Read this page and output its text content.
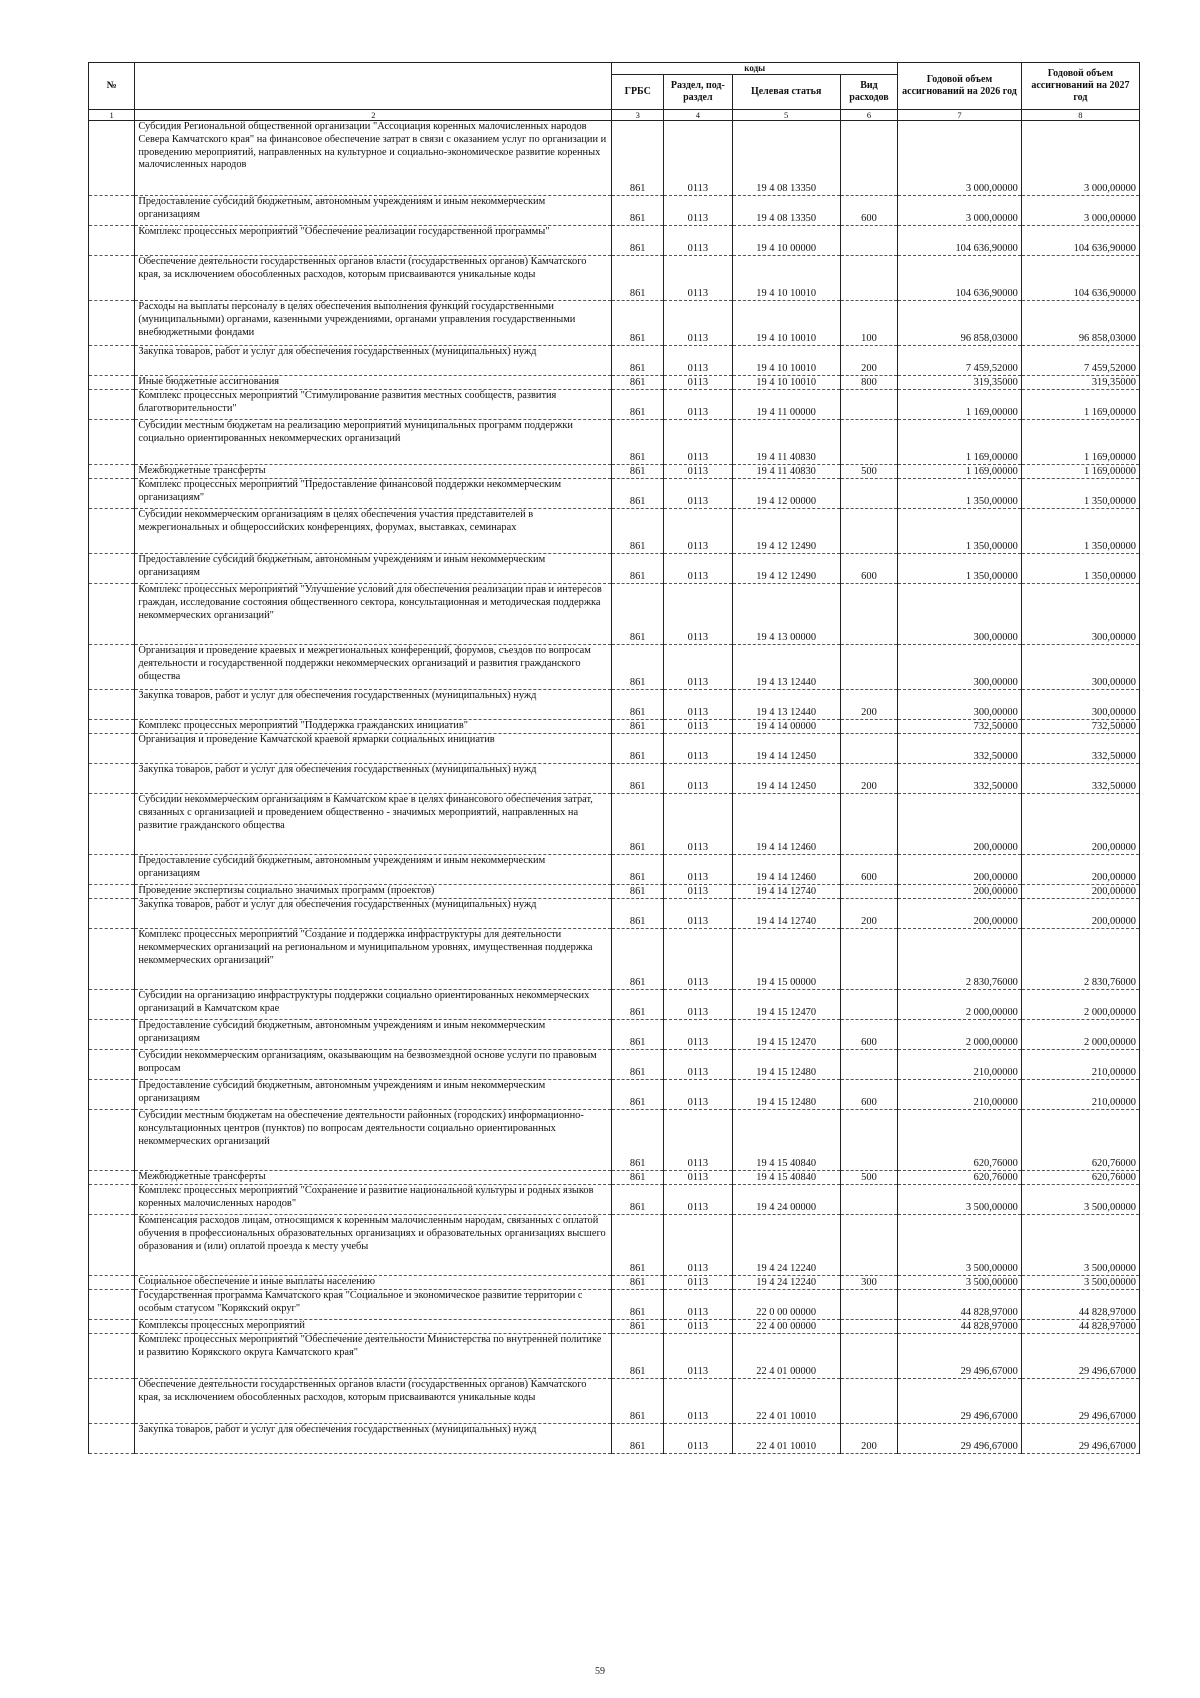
№		коды				Годовой объем ассигнований на 2026 год	Годовой объем ассигнований на 2027 год
		ГРБС	Раздел, под-раздел	Целевая статья	Вид расходов		
1	2	3	4	5	6	7	8
	Субсидия Региональной общественной организации "Ассоциация коренных малочисленных народов Севера Камчатского края" на финансовое обеспечение затрат в связи с оказанием услуг по организации и проведению мероприятий, направленных на культурное и социально-экономическое развитие коренных малочисленных народов	861	0113	19 4 08 13350		3 000,00000	3 000,00000
	Предоставление субсидий бюджетным, автономным учреждениям и иным некоммерческим организациям	861	0113	19 4 08 13350	600	3 000,00000	3 000,00000
	Комплекс процессных мероприятий "Обеспечение реализации государственной программы"	861	0113	19 4 10 00000		104 636,90000	104 636,90000
	Обеспечение деятельности государственных органов власти (государственных органов) Камчатского края, за исключением обособленных расходов, которым присваиваются уникальные коды	861	0113	19 4 10 10010		104 636,90000	104 636,90000
	Расходы на выплаты персоналу в целях обеспечения выполнения функций государственными (муниципальными) органами, казенными учреждениями, органами управления государственными внебюджетными фондами	861	0113	19 4 10 10010	100	96 858,03000	96 858,03000
	Закупка товаров, работ и услуг для обеспечения государственных (муниципальных) нужд	861	0113	19 4 10 10010	200	7 459,52000	7 459,52000
	Иные бюджетные ассигнования	861	0113	19 4 10 10010	800	319,35000	319,35000
	Комплекс процессных мероприятий "Стимулирование развития местных сообществ, развития благотворительности"	861	0113	19 4 11 00000		1 169,00000	1 169,00000
	Субсидии местным бюджетам на реализацию мероприятий муниципальных программ поддержки социально ориентированных некоммерческих организаций	861	0113	19 4 11 40830		1 169,00000	1 169,00000
	Межбюджетные трансферты	861	0113	19 4 11 40830	500	1 169,00000	1 169,00000
	Комплекс процессных мероприятий "Предоставление финансовой поддержки некоммерческим организациям"	861	0113	19 4 12 00000		1 350,00000	1 350,00000
	Субсидии некоммерческим организациям в целях обеспечения участия представителей в межрегиональных и общероссийских конференциях, форумах, выставках, семинарах	861	0113	19 4 12 12490		1 350,00000	1 350,00000
	Предоставление субсидий бюджетным, автономным учреждениям и иным некоммерческим организациям	861	0113	19 4 12 12490	600	1 350,00000	1 350,00000
	Комплекс процессных мероприятий "Улучшение условий для обеспечения реализации прав и интересов граждан, исследование состояния общественного сектора, консультационная и методическая поддержка некоммерческих организаций"	861	0113	19 4 13 00000		300,00000	300,00000
	Организация и проведение краевых и межрегиональных конференций, форумов, съездов по вопросам деятельности и государственной поддержки некоммерческих организаций и развития гражданского общества	861	0113	19 4 13 12440		300,00000	300,00000
	Закупка товаров, работ и услуг для обеспечения государственных (муниципальных) нужд	861	0113	19 4 13 12440	200	300,00000	300,00000
	Комплекс процессных мероприятий "Поддержка гражданских инициатив"	861	0113	19 4 14 00000		732,50000	732,50000
	Организация и проведение Камчатской краевой ярмарки социальных инициатив	861	0113	19 4 14 12450		332,50000	332,50000
	Закупка товаров, работ и услуг для обеспечения государственных (муниципальных) нужд	861	0113	19 4 14 12450	200	332,50000	332,50000
	Субсидии некоммерческим организациям в Камчатском крае в целях финансового обеспечения затрат, связанных с организацией и проведением общественно - значимых мероприятий, направленных на развитие гражданского общества	861	0113	19 4 14 12460		200,00000	200,00000
	Предоставление субсидий бюджетным, автономным учреждениям и иным некоммерческим организациям	861	0113	19 4 14 12460	600	200,00000	200,00000
	Проведение экспертизы социально значимых программ (проектов)	861	0113	19 4 14 12740		200,00000	200,00000
	Закупка товаров, работ и услуг для обеспечения государственных (муниципальных) нужд	861	0113	19 4 14 12740	200	200,00000	200,00000
	Комплекс процессных мероприятий "Создание и поддержка инфраструктуры для деятельности некоммерческих организаций на региональном и муниципальном уровнях, имущественная поддержка некоммерческих организаций"	861	0113	19 4 15 00000		2 830,76000	2 830,76000
	Субсидии на организацию инфраструктуры поддержки социально ориентированных некоммерческих организаций в Камчатском крае	861	0113	19 4 15 12470		2 000,00000	2 000,00000
	Предоставление субсидий бюджетным, автономным учреждениям и иным некоммерческим организациям	861	0113	19 4 15 12470	600	2 000,00000	2 000,00000
	Субсидии некоммерческим организациям, оказывающим на безвозмездной основе услуги по правовым вопросам	861	0113	19 4 15 12480		210,00000	210,00000
	Предоставление субсидий бюджетным, автономным учреждениям и иным некоммерческим организациям	861	0113	19 4 15 12480	600	210,00000	210,00000
	Субсидии местным бюджетам на обеспечение деятельности районных (городских) информационно-консультационных центров (пунктов) по вопросам деятельности социально ориентированных некоммерческих организаций	861	0113	19 4 15 40840		620,76000	620,76000
	Межбюджетные трансферты	861	0113	19 4 15 40840	500	620,76000	620,76000
	Комплекс процессных мероприятий "Сохранение и развитие национальной культуры и родных языков коренных малочисленных народов"	861	0113	19 4 24 00000		3 500,00000	3 500,00000
	Компенсация расходов лицам, относящимся к коренным малочисленным народам, связанных с оплатой обучения в профессиональных образовательных организациях и образовательных организациях высшего образования и (или) оплатой проезда к месту учебы	861	0113	19 4 24 12240		3 500,00000	3 500,00000
	Социальное обеспечение и иные выплаты населению	861	0113	19 4 24 12240	300	3 500,00000	3 500,00000
	Государственная программа Камчатского края "Социальное и экономическое развитие территории с особым статусом "Корякский округ"	861	0113	22 0 00 00000		44 828,97000	44 828,97000
	Комплексы процессных мероприятий	861	0113	22 4 00 00000		44 828,97000	44 828,97000
	Комплекс процессных мероприятий "Обеспечение деятельности Министерства по внутренней политике и развитию Корякского округа Камчатского края"	861	0113	22 4 01 00000		29 496,67000	29 496,67000
	Обеспечение деятельности государственных органов власти (государственных органов) Камчатского края, за исключением обособленных расходов, которым присваиваются уникальные коды	861	0113	22 4 01 10010		29 496,67000	29 496,67000
	Закупка товаров, работ и услуг для обеспечения государственных (муниципальных) нужд	861	0113	22 4 01 10010	200	29 496,67000	29 496,67000
59
